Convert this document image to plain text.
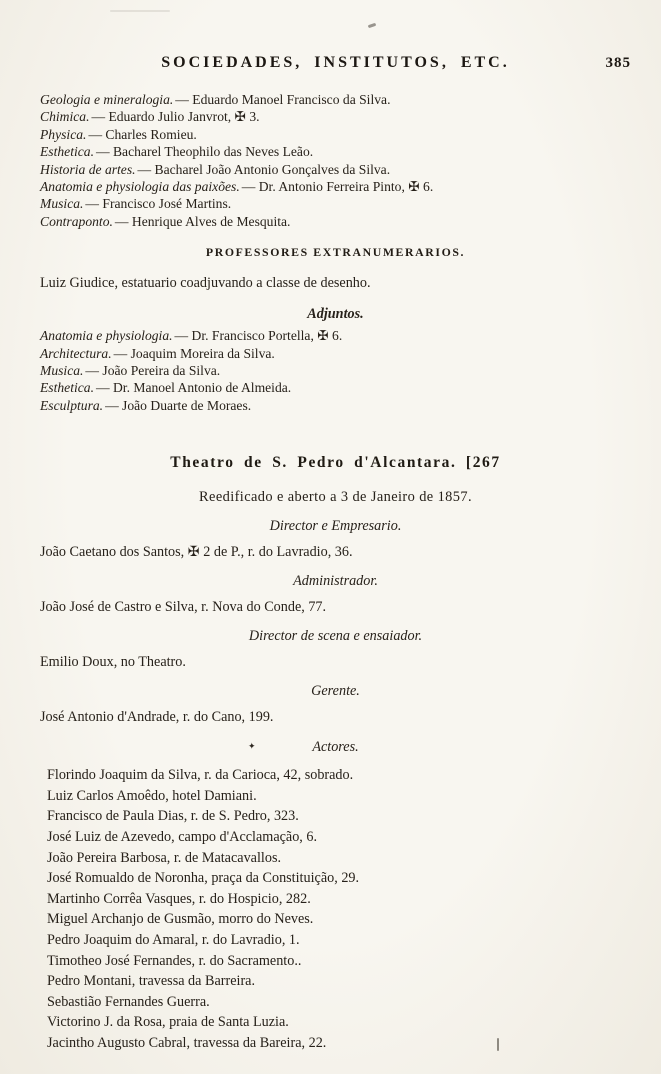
SOCIEDADES, INSTITUTOS, ETC.	385
Geologia e mineralogia. — Eduardo Manoel Francisco da Silva.
Chimica. — Eduardo Julio Janvrot, ✠ 3.
Physica. — Charles Romieu.
Esthetica. — Bacharel Theophilo das Neves Leão.
Historia de artes. — Bacharel João Antonio Gonçalves da Silva.
Anatomia e physiologia das paixões. — Dr. Antonio Ferreira Pinto, ✠ 6.
Musica. — Francisco José Martins.
Contraponto. — Henrique Alves de Mesquita.
PROFESSORES EXTRANUMERARIOS.
Luiz Giudice, estatuario coadjuvando a classe de desenho.
Adjuntos.
Anatomia e physiologia. — Dr. Francisco Portella, ✠ 6.
Architectura. — Joaquim Moreira da Silva.
Musica. — João Pereira da Silva.
Esthetica. — Dr. Manoel Antonio de Almeida.
Esculptura. — João Duarte de Moraes.
Theatro de S. Pedro d'Alcantara. [267
Reedificado e aberto a 3 de Janeiro de 1857.
Director e Empresario.
João Caetano dos Santos, ✠ 2 de P., r. do Lavradio, 36.
Administrador.
João José de Castro e Silva, r. Nova do Conde, 77.
Director de scena e ensaiador.
Emilio Doux, no Theatro.
Gerente.
José Antonio d'Andrade, r. do Cano, 199.
✦	Actores.
Florindo Joaquim da Silva, r. da Carioca, 42, sobrado.
Luiz Carlos Amoêdo, hotel Damiani.
Francisco de Paula Dias, r. de S. Pedro, 323.
José Luiz de Azevedo, campo d'Acclamação, 6.
João Pereira Barbosa, r. de Matacavallos.
José Romualdo de Noronha, praça da Constituição, 29.
Martinho Corrêa Vasques, r. do Hospicio, 282.
Miguel Archanjo de Gusmão, morro do Neves.
Pedro Joaquim do Amaral, r. do Lavradio, 1.
Timotheo José Fernandes, r. do Sacramento..
Pedro Montani, travessa da Barreira.
Sebastião Fernandes Guerra.
Victorino J. da Rosa, praia de Santa Luzia.
Jacintho Augusto Cabral, travessa da Bareira, 22.
